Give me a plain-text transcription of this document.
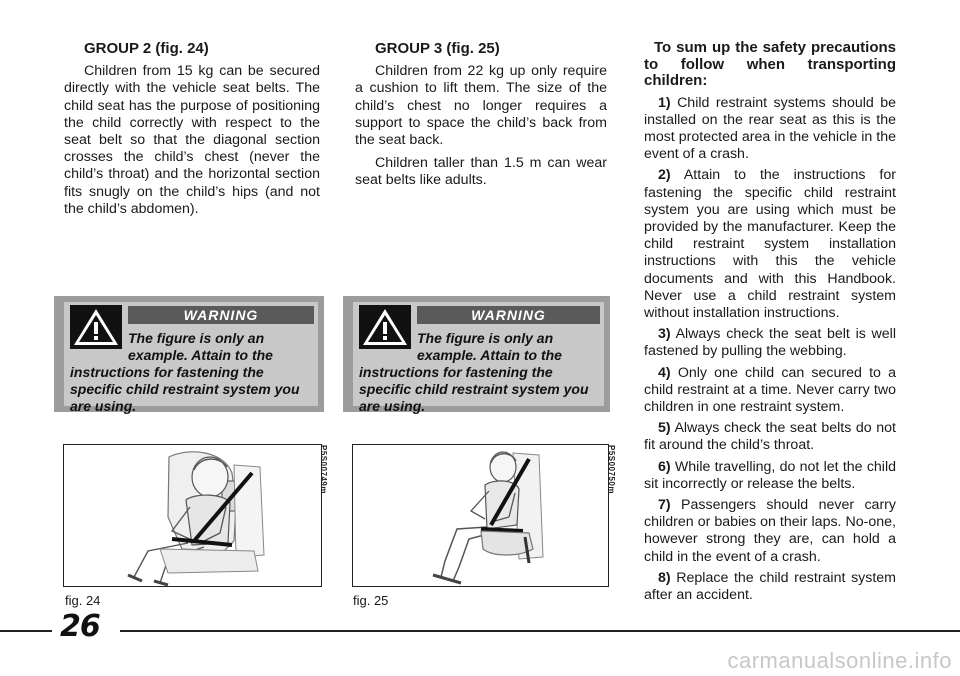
GROUP 2 (fig. 24)

Children from 15 kg can be secured directly with the vehicle seat belts. The child seat has the purpose of positioning the child correctly with respect to the seat belt so that the diagonal section crosses the child’s chest (never the child’s throat) and the horizontal section fits snugly on the child’s hips (and not the child’s abdomen).

GROUP 3 (fig. 25)

Children from 22 kg up only require a cushion to lift them. The size of the child’s chest no longer requires a support to space the child’s back from the seat back.

Children taller than 1.5 m can wear seat belts like adults.

To sum up the safety precautions to follow when transporting children:

1) Child restraint systems should be installed on the rear seat as this is the most protected area in the vehicle in the event of a crash.

2) Attain to the instructions for fastening the specific child restraint system you are using which must be provided by the manufacturer. Keep the child restraint system installation instructions with this the vehicle documents and with this Handbook. Never use a child restraint system without installation instructions.

3) Always check the seat belt is well fastened by pulling the webbing.

4) Only one child can secured to a child restraint at a time. Never carry two children in one restraint system.

5) Always check the seat belts do not fit around the child’s throat.

6) While travelling, do not let the child sit incorrectly or release the belts.

7) Passengers should never carry children or babies on their laps. No-one, however strong they are, can hold a child in the event of a crash.

8) Replace the child restraint system after an accident.

WARNING
The figure is only an example. Attain to the instructions for fastening the specific child restraint system you are using.
WARNING
The figure is only an example. Attain to the instructions for fastening the specific child restraint system you are using.
P5S00749m
fig. 24
P5S00750m
fig. 25
26
carmanualsonline.info
